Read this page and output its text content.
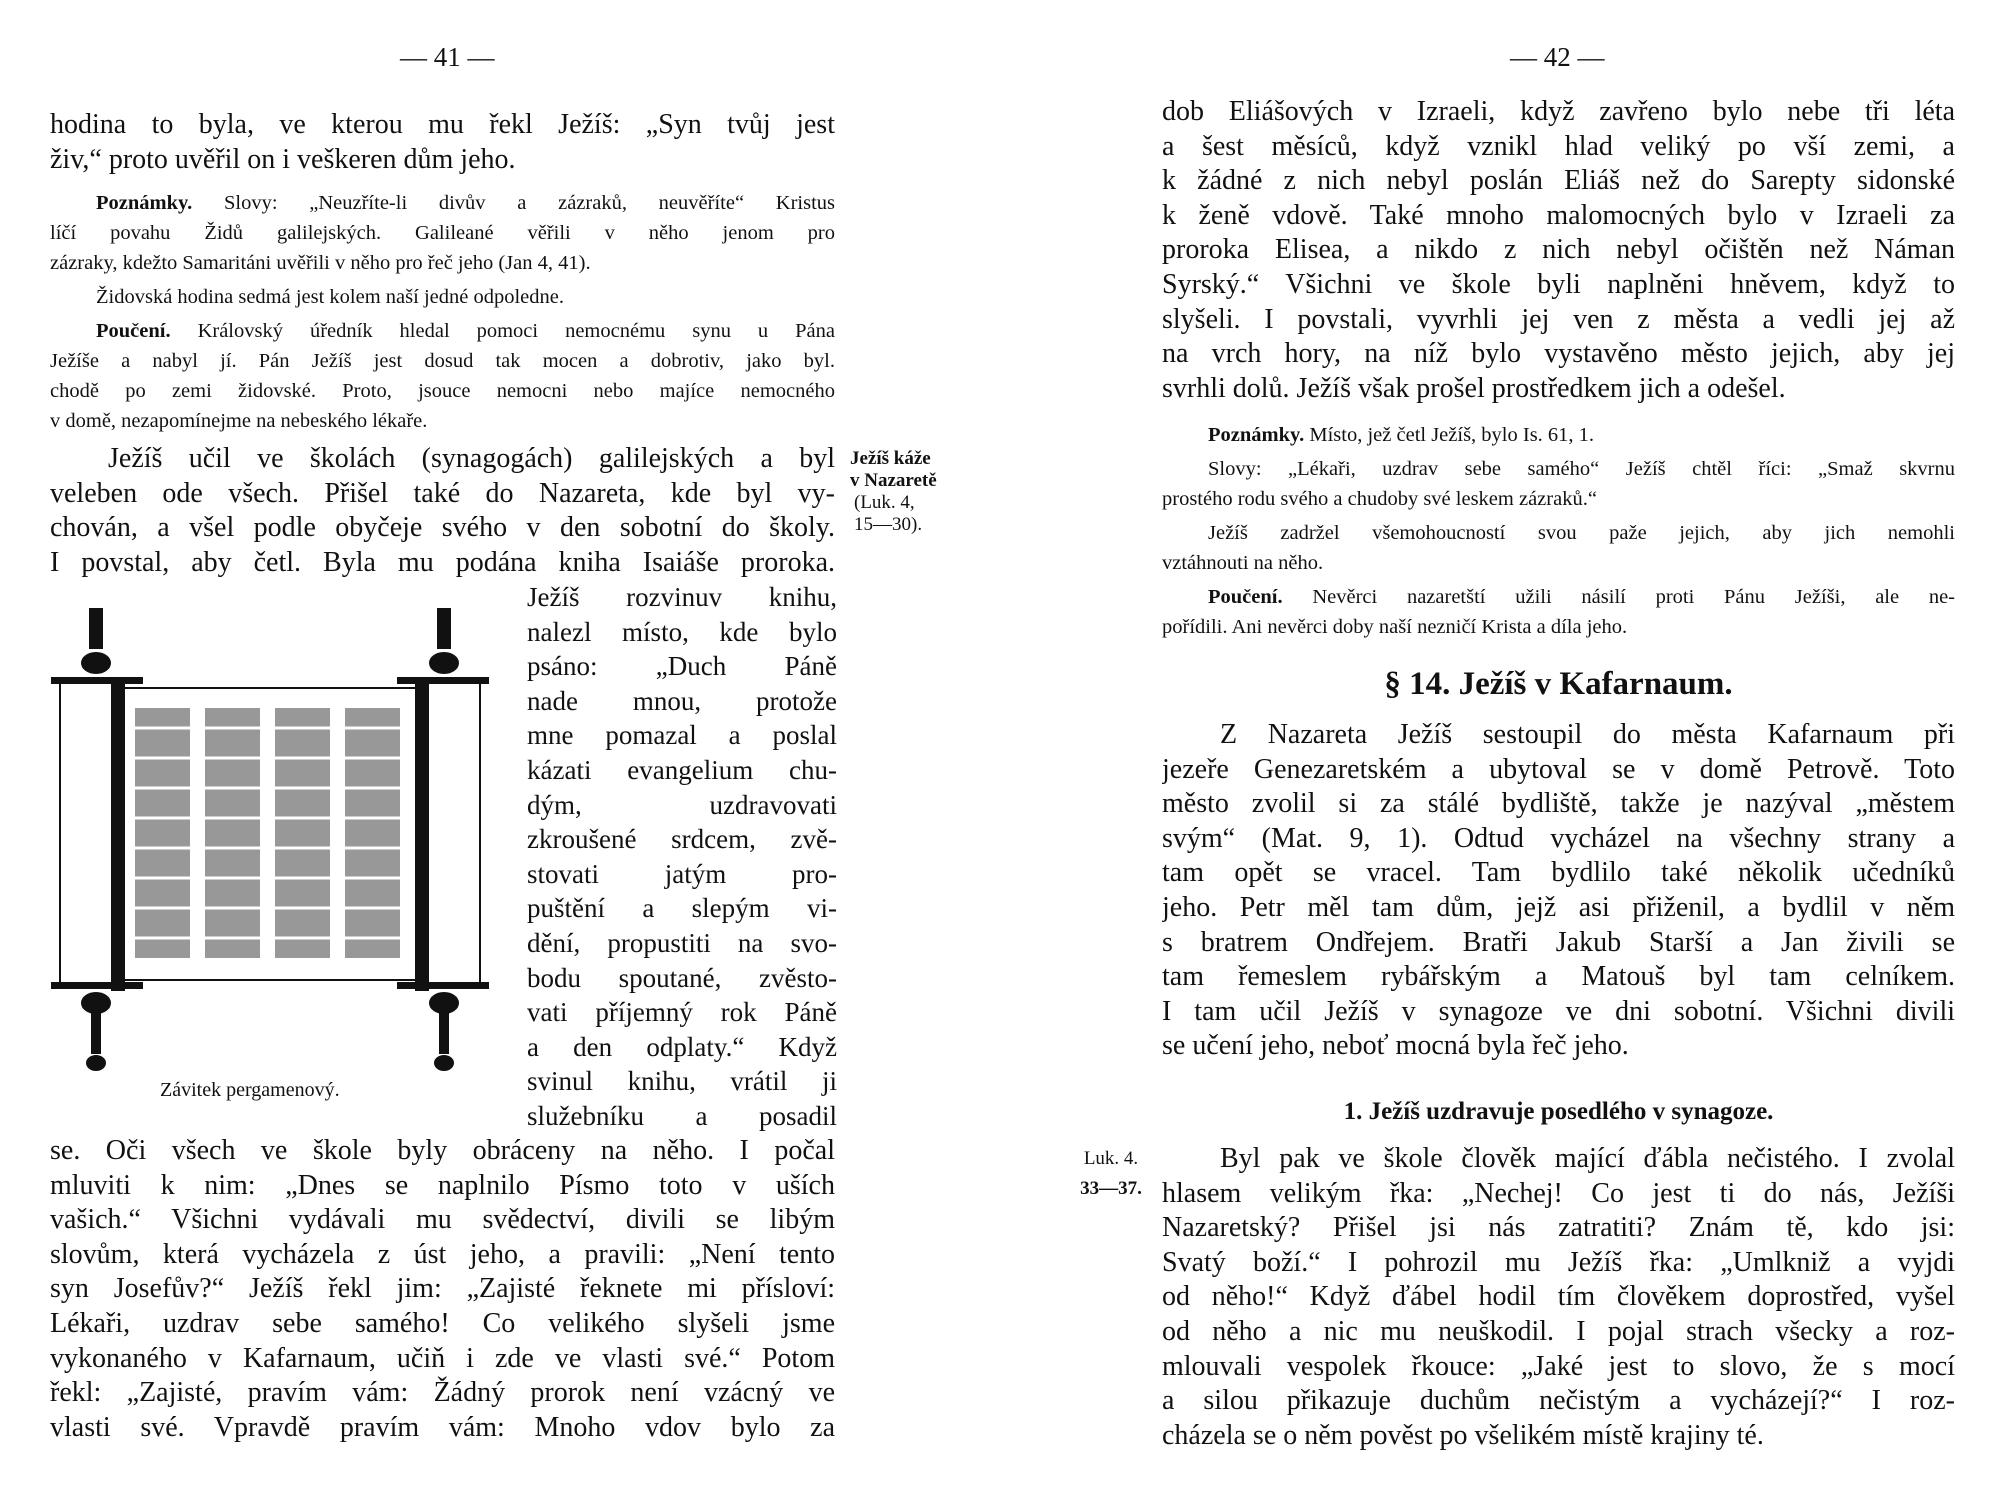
— 41 —
hodina to byla, ve kterou mu řekl Ježíš: „Syn tvůj jest
živ,“ proto uvěřil on i veškeren dům jeho.
Poznámky. Slovy: „Neuzříte-li divův a zázraků, neuvěříte“ Kristus
líčí povahu Židů galilejských. Galileané věřili v něho jenom pro
zázraky, kdežto Samaritáni uvěřili v něho pro řeč jeho (Jan 4, 41).
Židovská hodina sedmá jest kolem naší jedné odpoledne.
Poučení. Královský úředník hledal pomoci nemocnému synu u Pána
Ježíše a nabyl jí. Pán Ježíš jest dosud tak mocen a dobrotiv, jako byl.
chodě po zemi židovské. Proto, jsouce nemocni nebo majíce nemocného
v domě, nezapomínejme na nebeského lékaře.
Ježíš učil ve školách (synagogách) galilejských a byl
veleben ode všech. Přišel také do Nazareta, kde byl vy-
chován, a všel podle obyčeje svého v den sobotní do školy.
I povstal, aby četl. Byla mu podána kniha Isaiáše proroka.
Ježíš rozvinuv knihu,
nalezl místo, kde bylo
psáno: „Duch Páně
nade mnou, protože
mne pomazal a poslal
kázati evangelium chu-
dým, uzdravovati
zkroušené srdcem, zvě-
stovati jatým pro-
puštění a slepým vi-
dění, propustiti na svo-
bodu spoutané, zvěsto-
vati příjemný rok Páně
a den odplaty.“ Když
svinul knihu, vrátil ji
služebníku a posadil
se. Oči všech ve škole byly obráceny na něho. I počal
mluviti k nim: „Dnes se naplnilo Písmo toto v uších
vašich.“ Všichni vydávali mu svědectví, divili se libým
slovům, která vycházela z úst jeho, a pravili: „Není tento
syn Josefův?“ Ježíš řekl jim: „Zajisté řeknete mi přísloví:
Lékaři, uzdrav sebe samého! Co velikého slyšeli jsme
vykonaného v Kafarnaum, učiň i zde ve vlasti své.“ Potom
řekl: „Zajisté, pravím vám: Žádný prorok není vzácný ve
vlasti své. Vpravdě pravím vám: Mnoho vdov bylo za
Ježíš káže
v Nazaretě
(Luk. 4,
15—30).
Závitek pergamenový.
— 42 —
dob Eliášových v Izraeli, když zavřeno bylo nebe tři léta
a šest měsíců, když vznikl hlad veliký po vší zemi, a
k žádné z nich nebyl poslán Eliáš než do Sarepty sidonské
k ženě vdově. Také mnoho malomocných bylo v Izraeli za
proroka Elisea, a nikdo z nich nebyl očištěn než Náman
Syrský.“ Všichni ve škole byli naplněni hněvem, když to
slyšeli. I povstali, vyvrhli jej ven z města a vedli jej až
na vrch hory, na níž bylo vystavěno město jejich, aby jej
svrhli dolů. Ježíš však prošel prostředkem jich a odešel.
Poznámky. Místo, jež četl Ježíš, bylo Is. 61, 1.
Slovy: „Lékaři, uzdrav sebe samého“ Ježíš chtěl říci: „Smaž skvrnu
prostého rodu svého a chudoby své leskem zázraků.“
Ježíš zadržel všemohoucností svou paže jejich, aby jich nemohli
vztáhnouti na něho.
Poučení. Nevěrci nazaretští užili násilí proti Pánu Ježíši, ale ne-
pořídili. Ani nevěrci doby naší nezničí Krista a díla jeho.
§ 14. Ježíš v Kafarnaum.
Z Nazareta Ježíš sestoupil do města Kafarnaum při
jezeře Genezaretském a ubytoval se v domě Petrově. Toto
město zvolil si za stálé bydliště, takže je nazýval „městem
svým“ (Mat. 9, 1). Odtud vycházel na všechny strany a
tam opět se vracel. Tam bydlilo také několik učedníků
jeho. Petr měl tam dům, jejž asi přiženil, a bydlil v něm
s bratrem Ondřejem. Bratři Jakub Starší a Jan živili se
tam řemeslem rybářským a Matouš byl tam celníkem.
I tam učil Ježíš v synagoze ve dni sobotní. Všichni divili
se učení jeho, neboť mocná byla řeč jeho.
1. Ježíš uzdravuje posedlého v synagoze.
Byl pak ve škole člověk mající ďábla nečistého. I zvolal
hlasem velikým řka: „Nechej! Co jest ti do nás, Ježíši
Nazaretský? Přišel jsi nás zatratiti? Znám tě, kdo jsi:
Svatý boží.“ I pohrozil mu Ježíš řka: „Umlkniž a vyjdi
od něho!“ Když ďábel hodil tím člověkem doprostřed, vyšel
od něho a nic mu neuškodil. I pojal strach všecky a roz-
mlouvali vespolek řkouce: „Jaké jest to slovo, že s mocí
a silou přikazuje duchům nečistým a vycházejí?“ I roz-
cházela se o něm pověst po všelikém místě krajiny té.
Luk. 4.
33—37.
